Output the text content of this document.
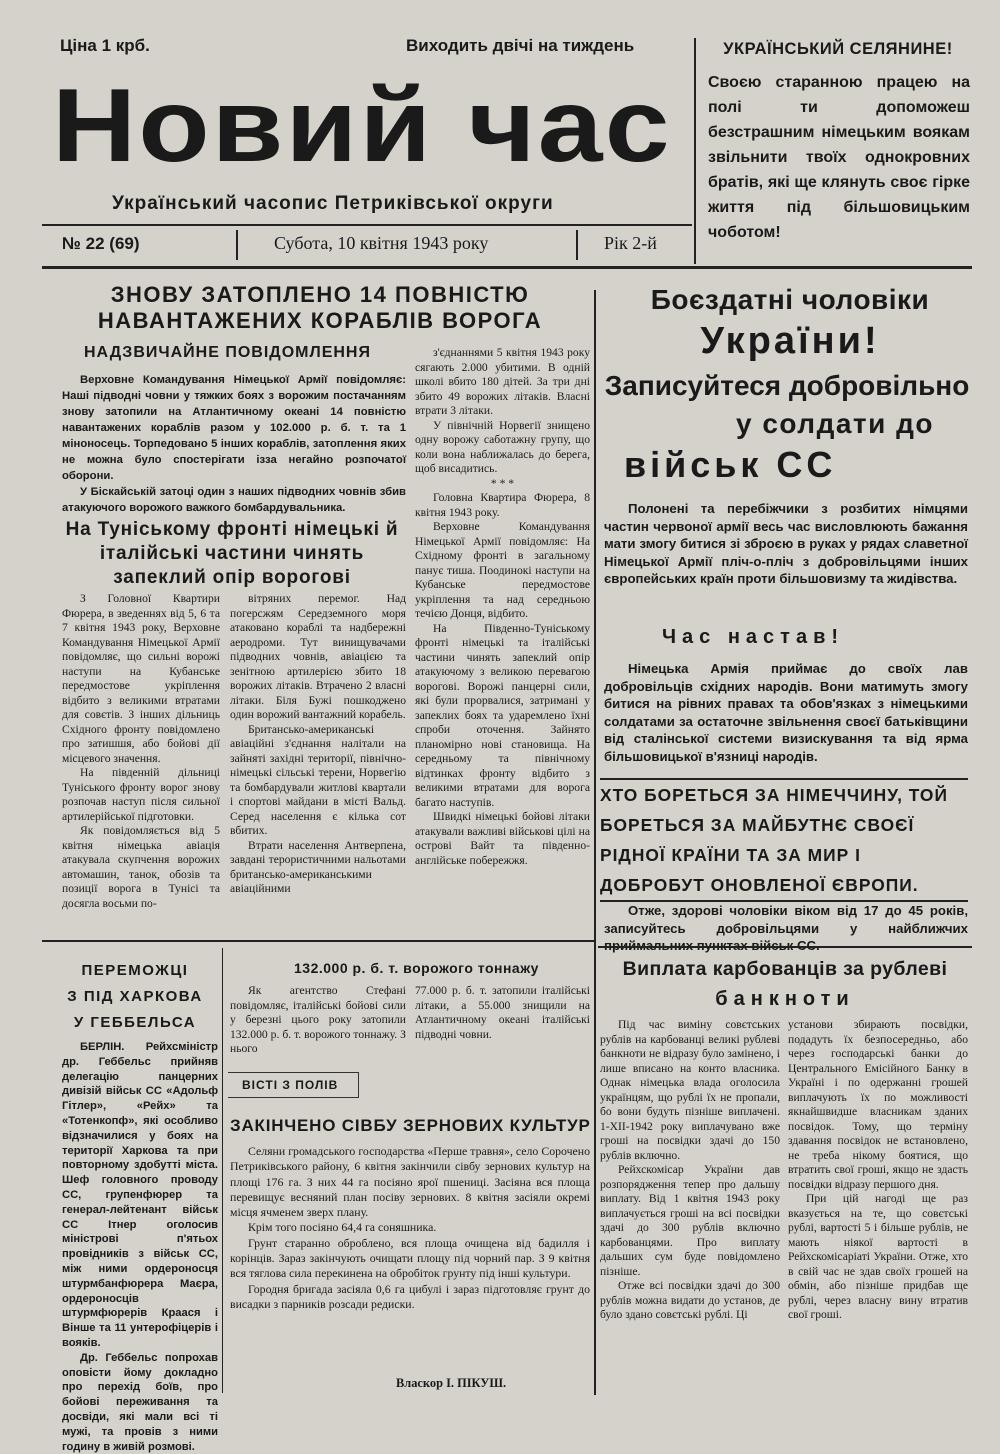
Ціна 1 крб.	Виходить двічі на тиждень
Новий час
Український часопис Петриківської округи
№ 22 (69)	Субота, 10 квітня 1943 року	Рік 2-й
УКРАЇНСЬКИЙ СЕЛЯНИНЕ!
Своєю старанною працею на полі ти допоможеш безстрашним німецьким воякам звільнити твоїх однокровних братів, які ще клянуть своє гірке життя під більшовицьким чоботом!
ЗНОВУ ЗАТОПЛЕНО 14 ПОВНІСТЮ НАВАНТАЖЕНИХ КОРАБЛІВ ВОРОГА
НАДЗВИЧАЙНЕ ПОВІДОМЛЕННЯ

Верховне Командування Німецької Армії повідомляє: Наші підводні човни у тяжких боях з ворожим постачанням знову затопили на Атлантичному океані 14 повністю навантажених кораблів разом у 102.000 р. б. т. та 1 міноносець. Торпедовано 5 інших кораблів, затоплення яких не можна було спостерігати ізза негайно розпочатої оборони.

У Біскайській затоці один з наших підводних човнів збив атакуючого ворожого важкого бомбардувальника.

з'єднаннями 5 квітня 1943 року сягають 2.000 убитими. В одній школі вбито 180 дітей. За три дні збито 49 ворожих літаків. Власні втрати 3 літаки.

У північній Норвегії знищено одну ворожу саботажну групу, що коли вона наближалась до берега, щоб висадитись.

* * *

Головна Квартира Фюрера, 8 квітня 1943 року.

Верховне Командування Німецької Армії повідомляє: На Східному фронті в загальному панує тиша. Поодинокі наступи на Кубанське передмостове укріплення та над середньою течією Донця, відбито.

На Південно-Туніському фронті німецькі та італійські частини чинять запеклий опір атакуючому з великою перевагою ворогові. Ворожі панцерні сили, які були прорвалися, затримані у запеклих боях та ударемлено їхні спроби оточення. Зайнято планомірно нові становища. На середньому та північному відтинках фронту відбито з великими втратами для ворога багато наступів.

Швидкі німецькі бойові літаки атакували важливі військові цілі на острові Вайт та південно-англійське побережжя.

На Туніському фронті німецькі й італійські частини чинять запеклий опір ворогові

З Головної Квартири Фюрера, в зведеннях від 5, 6 та 7 квітня 1943 року, Верховне Командування Німецької Армії повідомляє, що сильні ворожі наступи на Кубанське передмостове укріплення відбито з великими втратами для совєтів. З інших дільниць Східного фронту повідомлено про затишшя, або бойові дії місцевого значення.

На південній дільниці Туніського фронту ворог знову розпочав наступ після сильної артилерійської підготовки.

Як повідомляється від 5 квітня німецька авіація атакувала скупчення ворожих автомашин, танок, обозів та позиції ворога в Тунісі та досягла восьми по-

вітряних перемог. Над погерсжям Середземного моря атаковано кораблі та надбережні аеродроми. Тут винищувачами підводних човнів, авіацією та зенітною артилерією збито 18 ворожих літаків. Втрачено 2 власні літаки. Біля Бужі пошкоджено один ворожий вантажний корабель.

Британсько-американські авіаційні з'єднання налітали на зайняті західні території, північно-німецькі сільські терени, Норвегію та бомбардували житлові квартали і спортові майдани в місті Вальд. Серед населення є кілька сот вбитих.

Втрати населення Антверпена, завдані терористичними нальотами британсько-американськими авіаційними

Боєздатні чоловіки
України!
Записуйтеся добровільно
у солдати до
військ СС

Полонені та перебіжчики з розбитих німцями частин червоної армії весь час висловлюють бажання мати змогу битися зі зброєю в руках у рядах славетної Німецької Армії пліч-о-пліч з добровільцями інших європейських країн проти більшовизму та жидівства.

Час настав!

Німецька Армія приймає до своїх лав добровільців східних народів. Вони матимуть змогу битися на рівних правах та обов'язках з німецькими солдатами за остаточне звільнення своєї батьківщини від сталінської системи визискування та від ярма більшовицької в'язниці народів.

ХТО БОРЕТЬСЯ ЗА НІМЕЧЧИНУ, ТОЙ
БОРЕТЬСЯ ЗА МАЙБУТНЄ СВОЄЇ
РІДНОЇ КРАЇНИ ТА ЗА МИР І
ДОБРОБУТ ОНОВЛЕНОЇ ЄВРОПИ.

Отже, здорові чоловіки віком від 17 до 45 років, записуйтесь добровільцями у найближчих

ПЕРЕМОЖЦІ
З ПІД ХАРКОВА
У ГЕББЕЛЬСА

БЕРЛІН. Рейхсміністр др. Геббельс прийняв делегацію панцерних дивізій військ СС «Адольф Гітлер», «Рейх» та «Тотенкопф», які особливо відзначилися у боях на території Харкова та при повторному здобутті міста. Шеф головного проводу СС, групенфюрер та генерал-лейтенант військ СС Ітнер оголосив міністрові п'ятьох провідників з військ СС, між ними ордероносця штурмбанфюрера Маєра, ордероносців штурмфюрерів Краася і Вінше та 11 унтерофіцерів і вояків.

Др. Геббельс попрохав оповісти йому докладно про перехід боїв, про бойові переживання та досвіди, які мали всі ті мужі, та провів з ними годину в живій розмові.

132.000 р. б. т. ворожого тоннажу

Як агентство Стефані повідомляє, італійські бойові сили у березні цього року затопили 132.000 р. б. т. ворожого тоннажу. З нього

77.000 р. б. т. затопили італійські літаки, а 55.000 знищили на Атлантичному океані італійські підводні човни.

ВІСТІ З ПОЛІВ
ЗАКІНЧЕНО СІВБУ ЗЕРНОВИХ КУЛЬТУР

Селяни громадського господарства «Перше травня», село Сорочено Петриківського району, 6 квітня закінчили сівбу зернових культур на площі 176 га. З них 44 га посіяно ярої пшениці. Засіяна вся площа перевищує весняний план посіву зернових. 8 квітня засіяли окремі місця ячменем зверх плану.

Крім того посіяно 64,4 га соняшника.

Грунт старанно оброблено, вся площа очищена від бадилля і корінців. Зараз закінчують очищати площу під чорний пар. З 9 квітня вся тяглова сила перекинена на обробіток грунту під інші культури.

Городня бригада засіяла 0,6 га цибулі і зараз підготовляє грунт до висадки з парників розсади редиски.

Власкор І. ПІКУШ.
Виплата карбованців за рублеві
банкноти

Під час виміну совєтських рублів на карбованці великі рублеві банкноти не відразу було замінено, і лише вписано на конто власника. Однак німецька влада оголосила українцям, що рублі їх не пропали, бо вони будуть пізніше виплачені. 1-XII-1942 року виплачувано вже гроші на посвідки здачі до 150 рублів включно.

Рейхскомісар України дав розпорядження тепер про дальшу виплату. Від 1 квітня 1943 року виплачується гроші на всі посвідки здачі до 300 рублів включно карбованцями. Про виплату дальших сум буде повідомлено пізніше.

Отже всі посвідки здачі до 300 рублів можна видати до установ, де було здано совєтські рублі. Ці

установи збирають посвідки, подадуть їх безпосередньо, або через господарські банки до Центрального Емісійного Банку в Україні і по одержанні грошей виплачують їх по можливості якнайшвидше власникам зданих посвідок. Тому, що терміну здавання посвідок не встановлено, не треба нікому боятися, що втратить свої гроші, якщо не здасть посвідки відразу першого дня.

При цій нагоді ще раз вказується на те, що совєтські рублі, вартості 5 і більше рублів, не мають ніякої вартості в Рейхскомісаріаті України. Отже, хто в свій час не здав своїх грошей на обмін, або пізніше придбав ще рублі, через власну вину втратив свої гроші.
